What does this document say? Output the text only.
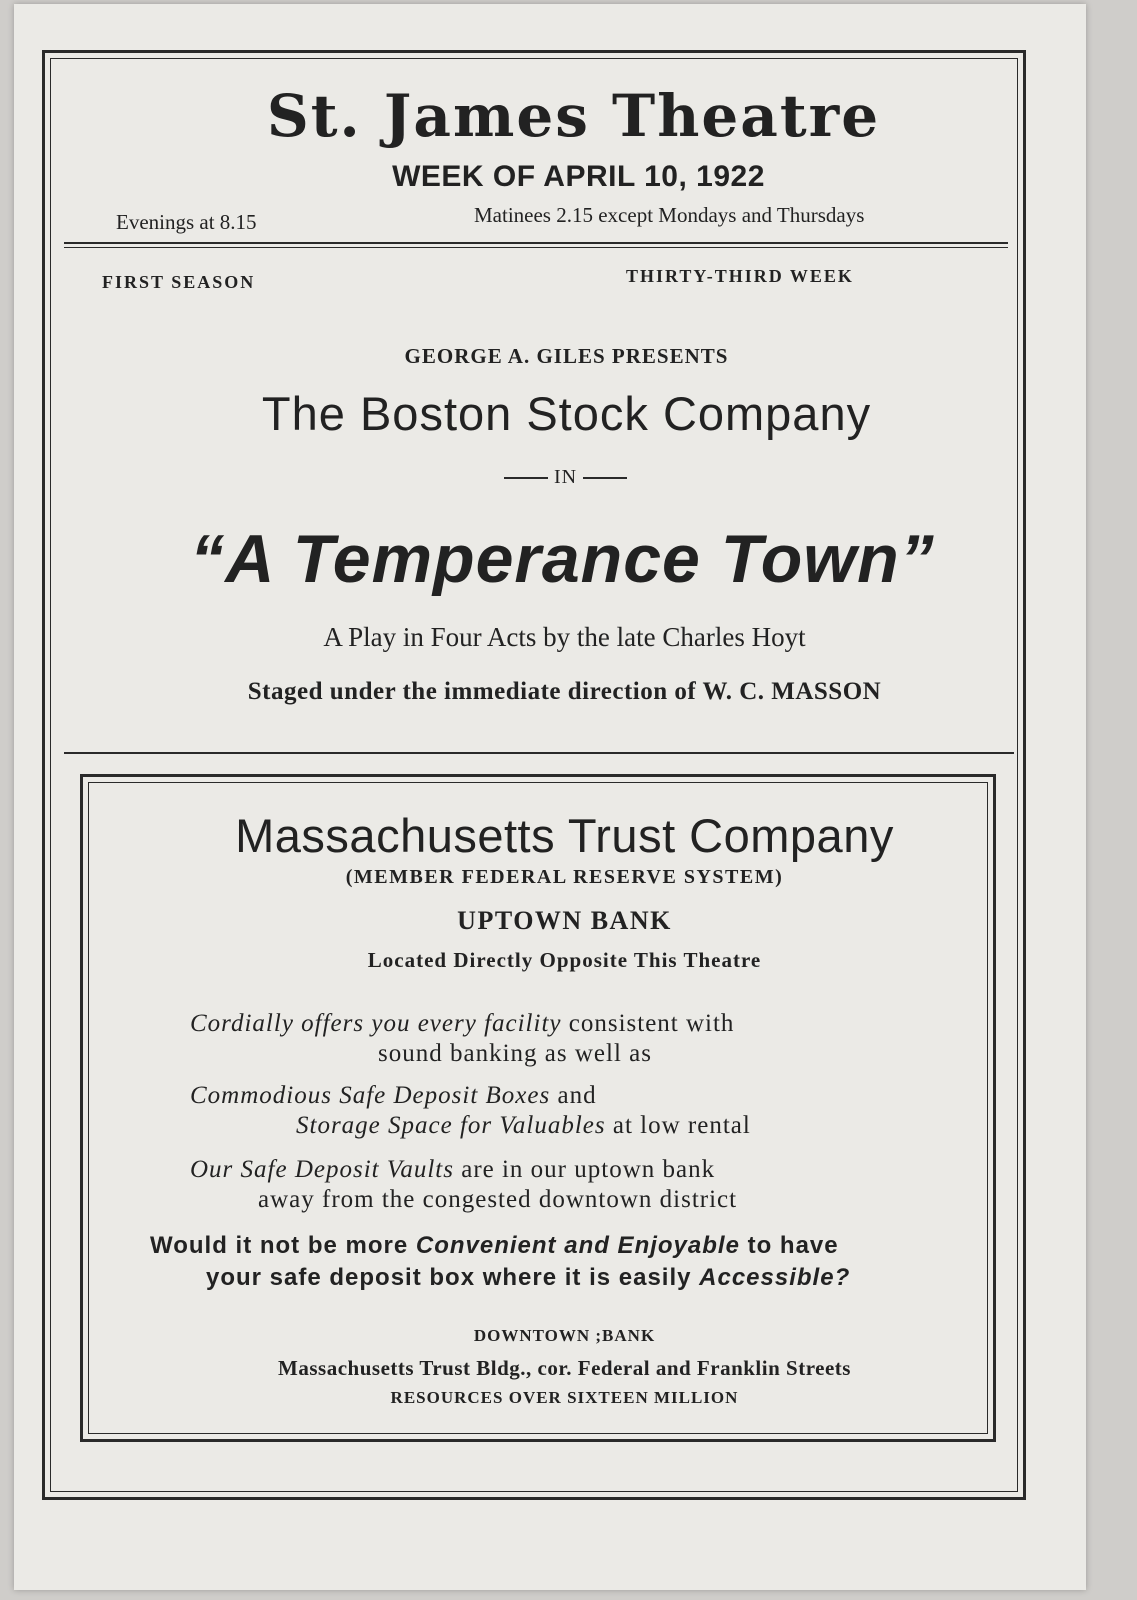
St. James Theatre
WEEK OF APRIL 10, 1922
Evenings at 8.15	Matinees 2.15 except Mondays and Thursdays
FIRST SEASON	THIRTY-THIRD WEEK
GEORGE A. GILES PRESENTS
The Boston Stock Company
IN
“A Temperance Town”
A Play in Four Acts by the late Charles Hoyt
Staged under the immediate direction of W. C. MASSON
Massachusetts Trust Company
(MEMBER FEDERAL RESERVE SYSTEM)
UPTOWN BANK
Located Directly Opposite This Theatre
Cordially offers you every facility consistent with
sound banking as well as
Commodious Safe Deposit Boxes and
Storage Space for Valuables at low rental
Our Safe Deposit Vaults are in our uptown bank
away from the congested downtown district
Would it not be more Convenient and Enjoyable to have
your safe deposit box where it is easily Accessible?
DOWNTOWN ;BANK
Massachusetts Trust Bldg., cor. Federal and Franklin Streets
RESOURCES OVER SIXTEEN MILLION
